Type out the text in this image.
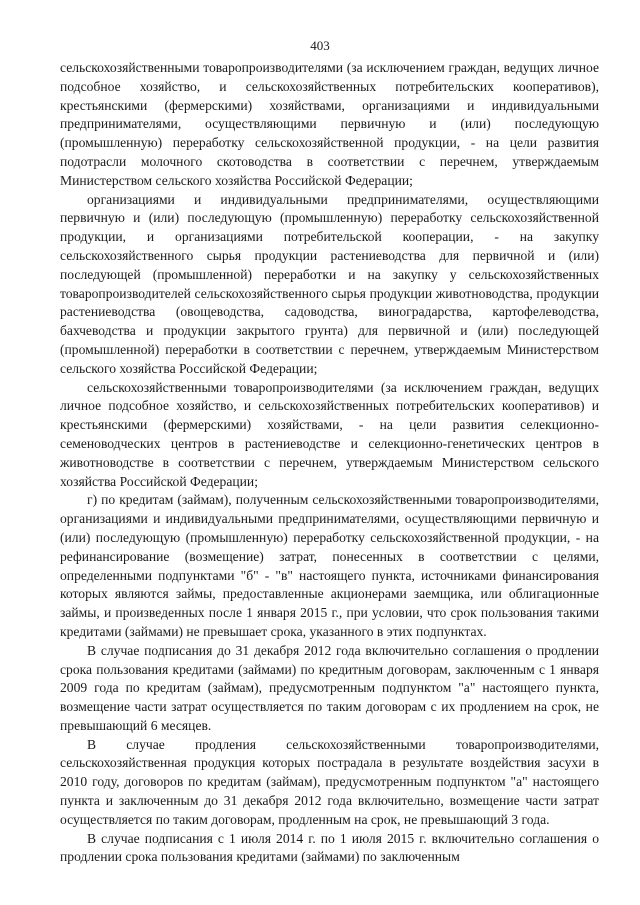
403

сельскохозяйственными товаропроизводителями (за исключением граждан, ведущих личное подсобное хозяйство, и сельскохозяйственных потребительских кооперативов), крестьянскими (фермерскими) хозяйствами, организациями и индивидуальными предпринимателями, осуществляющими первичную и (или) последующую (промышленную) переработку сельскохозяйственной продукции, - на цели развития подотрасли молочного скотоводства в соответствии с перечнем, утверждаемым Министерством сельского хозяйства Российской Федерации;

организациями и индивидуальными предпринимателями, осуществляющими первичную и (или) последующую (промышленную) переработку сельскохозяйственной продукции, и организациями потребительской кооперации, - на закупку сельскохозяйственного сырья продукции растениеводства для первичной и (или) последующей (промышленной) переработки и на закупку у сельскохозяйственных товаропроизводителей сельскохозяйственного сырья продукции животноводства, продукции растениеводства (овощеводства, садоводства, виноградарства, картофелеводства, бахчеводства и продукции закрытого грунта) для первичной и (или) последующей (промышленной) переработки в соответствии с перечнем, утверждаемым Министерством сельского хозяйства Российской Федерации;

сельскохозяйственными товаропроизводителями (за исключением граждан, ведущих личное подсобное хозяйство, и сельскохозяйственных потребительских кооперативов) и крестьянскими (фермерскими) хозяйствами, - на цели развития селекционно-семеноводческих центров в растениеводстве и селекционно-генетических центров в животноводстве в соответствии с перечнем, утверждаемым Министерством сельского хозяйства Российской Федерации;

г) по кредитам (займам), полученным сельскохозяйственными товаропроизводителями, организациями и индивидуальными предпринимателями, осуществляющими первичную и (или) последующую (промышленную) переработку сельскохозяйственной продукции, - на рефинансирование (возмещение) затрат, понесенных в соответствии с целями, определенными подпунктами "б" - "в" настоящего пункта, источниками финансирования которых являются займы, предоставленные акционерами заемщика, или облигационные займы, и произведенных после 1 января 2015 г., при условии, что срок пользования такими кредитами (займами) не превышает срока, указанного в этих подпунктах.

В случае подписания до 31 декабря 2012 года включительно соглашения о продлении срока пользования кредитами (займами) по кредитным договорам, заключенным с 1 января 2009 года по кредитам (займам), предусмотренным подпунктом "а" настоящего пункта, возмещение части затрат осуществляется по таким договорам с их продлением на срок, не превышающий 6 месяцев.

В случае продления сельскохозяйственными товаропроизводителями, сельскохозяйственная продукция которых пострадала в результате воздействия засухи в 2010 году, договоров по кредитам (займам), предусмотренным подпунктом "а" настоящего пункта и заключенным до 31 декабря 2012 года включительно, возмещение части затрат осуществляется по таким договорам, продленным на срок, не превышающий 3 года.

В случае подписания с 1 июля 2014 г. по 1 июля 2015 г. включительно соглашения о продлении срока пользования кредитами (займами) по заключенным
